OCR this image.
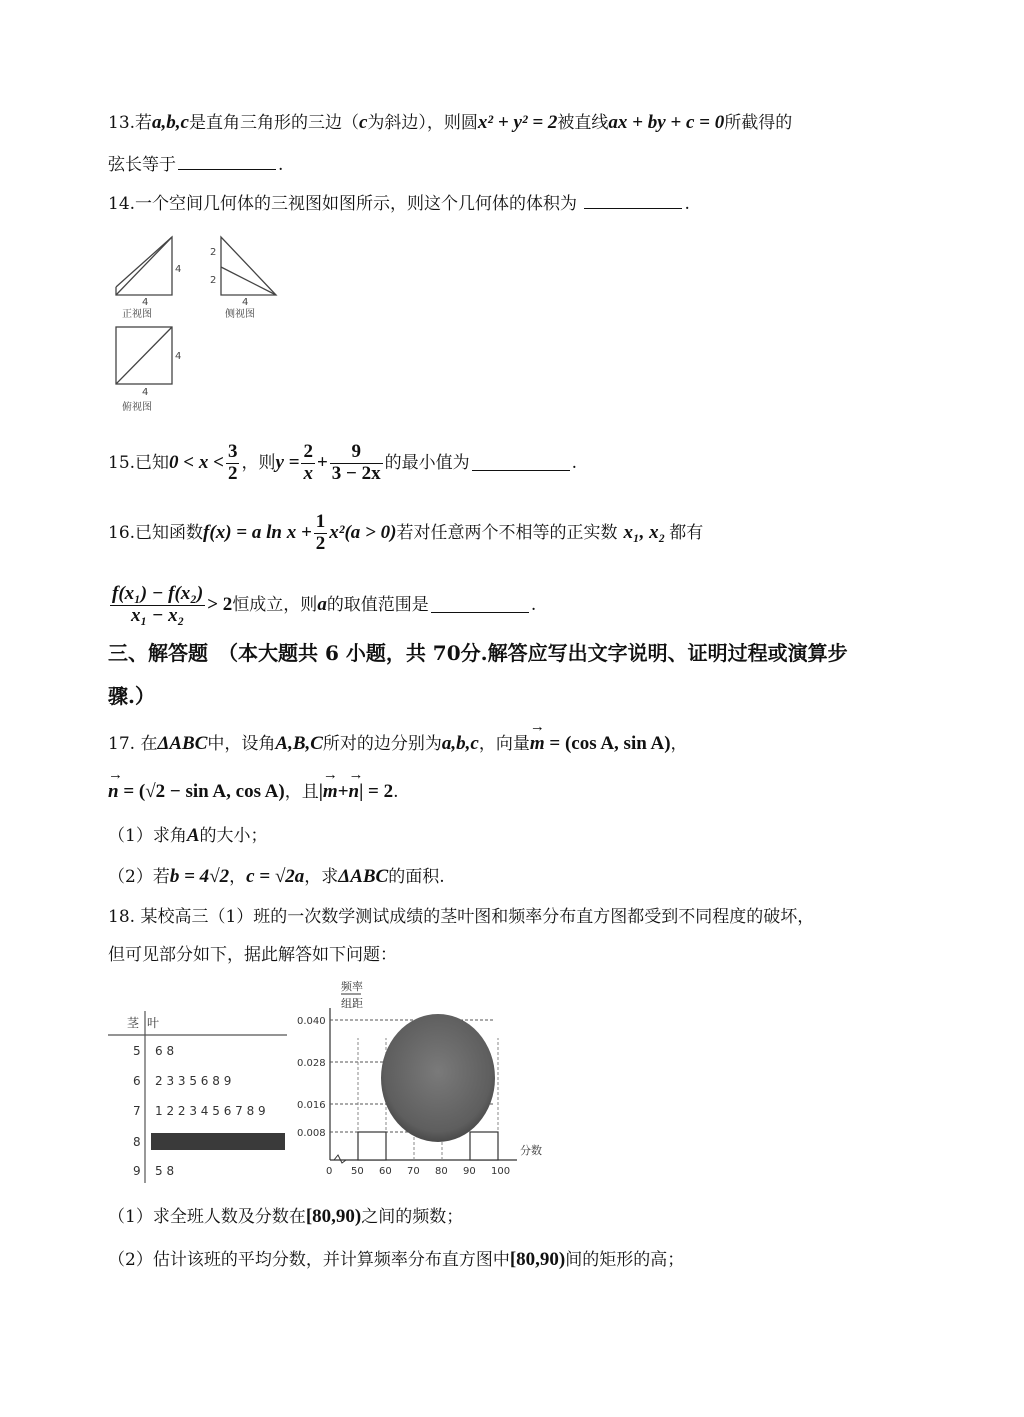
13.若a,b,c是直角三角形的三边（c为斜边），则圆x² + y² = 2被直线ax + by + c = 0所截得的
弦长等于	.
14.一个空间几何体的三视图如图所示，则这个几何体的体积为	.
4
4
正视图
2
2
4
侧视图
4
4
俯视图
15. 已知 $0 < x < \frac{3}{2}$ ，则 $y = \frac{2}{x} + \frac{9}{3 - 2x}$ 的最小值为	.
16. 已知函数 f(x) = a $\ln x + \frac{1}{2} x^2(a > 0)$ 若对任意两个不相等的正实数 x₁, x₂ 都有
$\frac{\text{f(x₁) − f(x₂)}}{\text{x₁ − x₂}} > 2$ 恒成立，则 a 的取值范围是	.
三、解答题　（本大题共 6 小题，共 70分.解答应写出文字说明、证明过程或演算步
骤.）
17. 在ΔABC中，设角A,B,C所对的边分别为a,b,c，向量→ m = (cos A, sin A)，
→ n = (√2 − sin A, cos A)，且|→ m+→ n| = 2.
（1）求角A的大小；
（2）若b = 4√2，c = √2a，求ΔABC的面积.
18. 某校高三（1）班的一次数学测试成绩的茎叶图和频率分布直方图都受到不同程度的破坏，
但可见部分如下，据此解答如下问题：
茎 叶
5 6 8
6 2 3 3 5 6 8 9
7 1 2 2 3 4 5 6 7 8 9
8
9 5 8
频率
组距
0.008
0.016
0.028
0.040
50 60 70 80 90 100
分数
0
（1）求全班人数及分数在[80,90)之间的频数；
（2）估计该班的平均分数，并计算频率分布直方图中[80,90)间的矩形的高；
